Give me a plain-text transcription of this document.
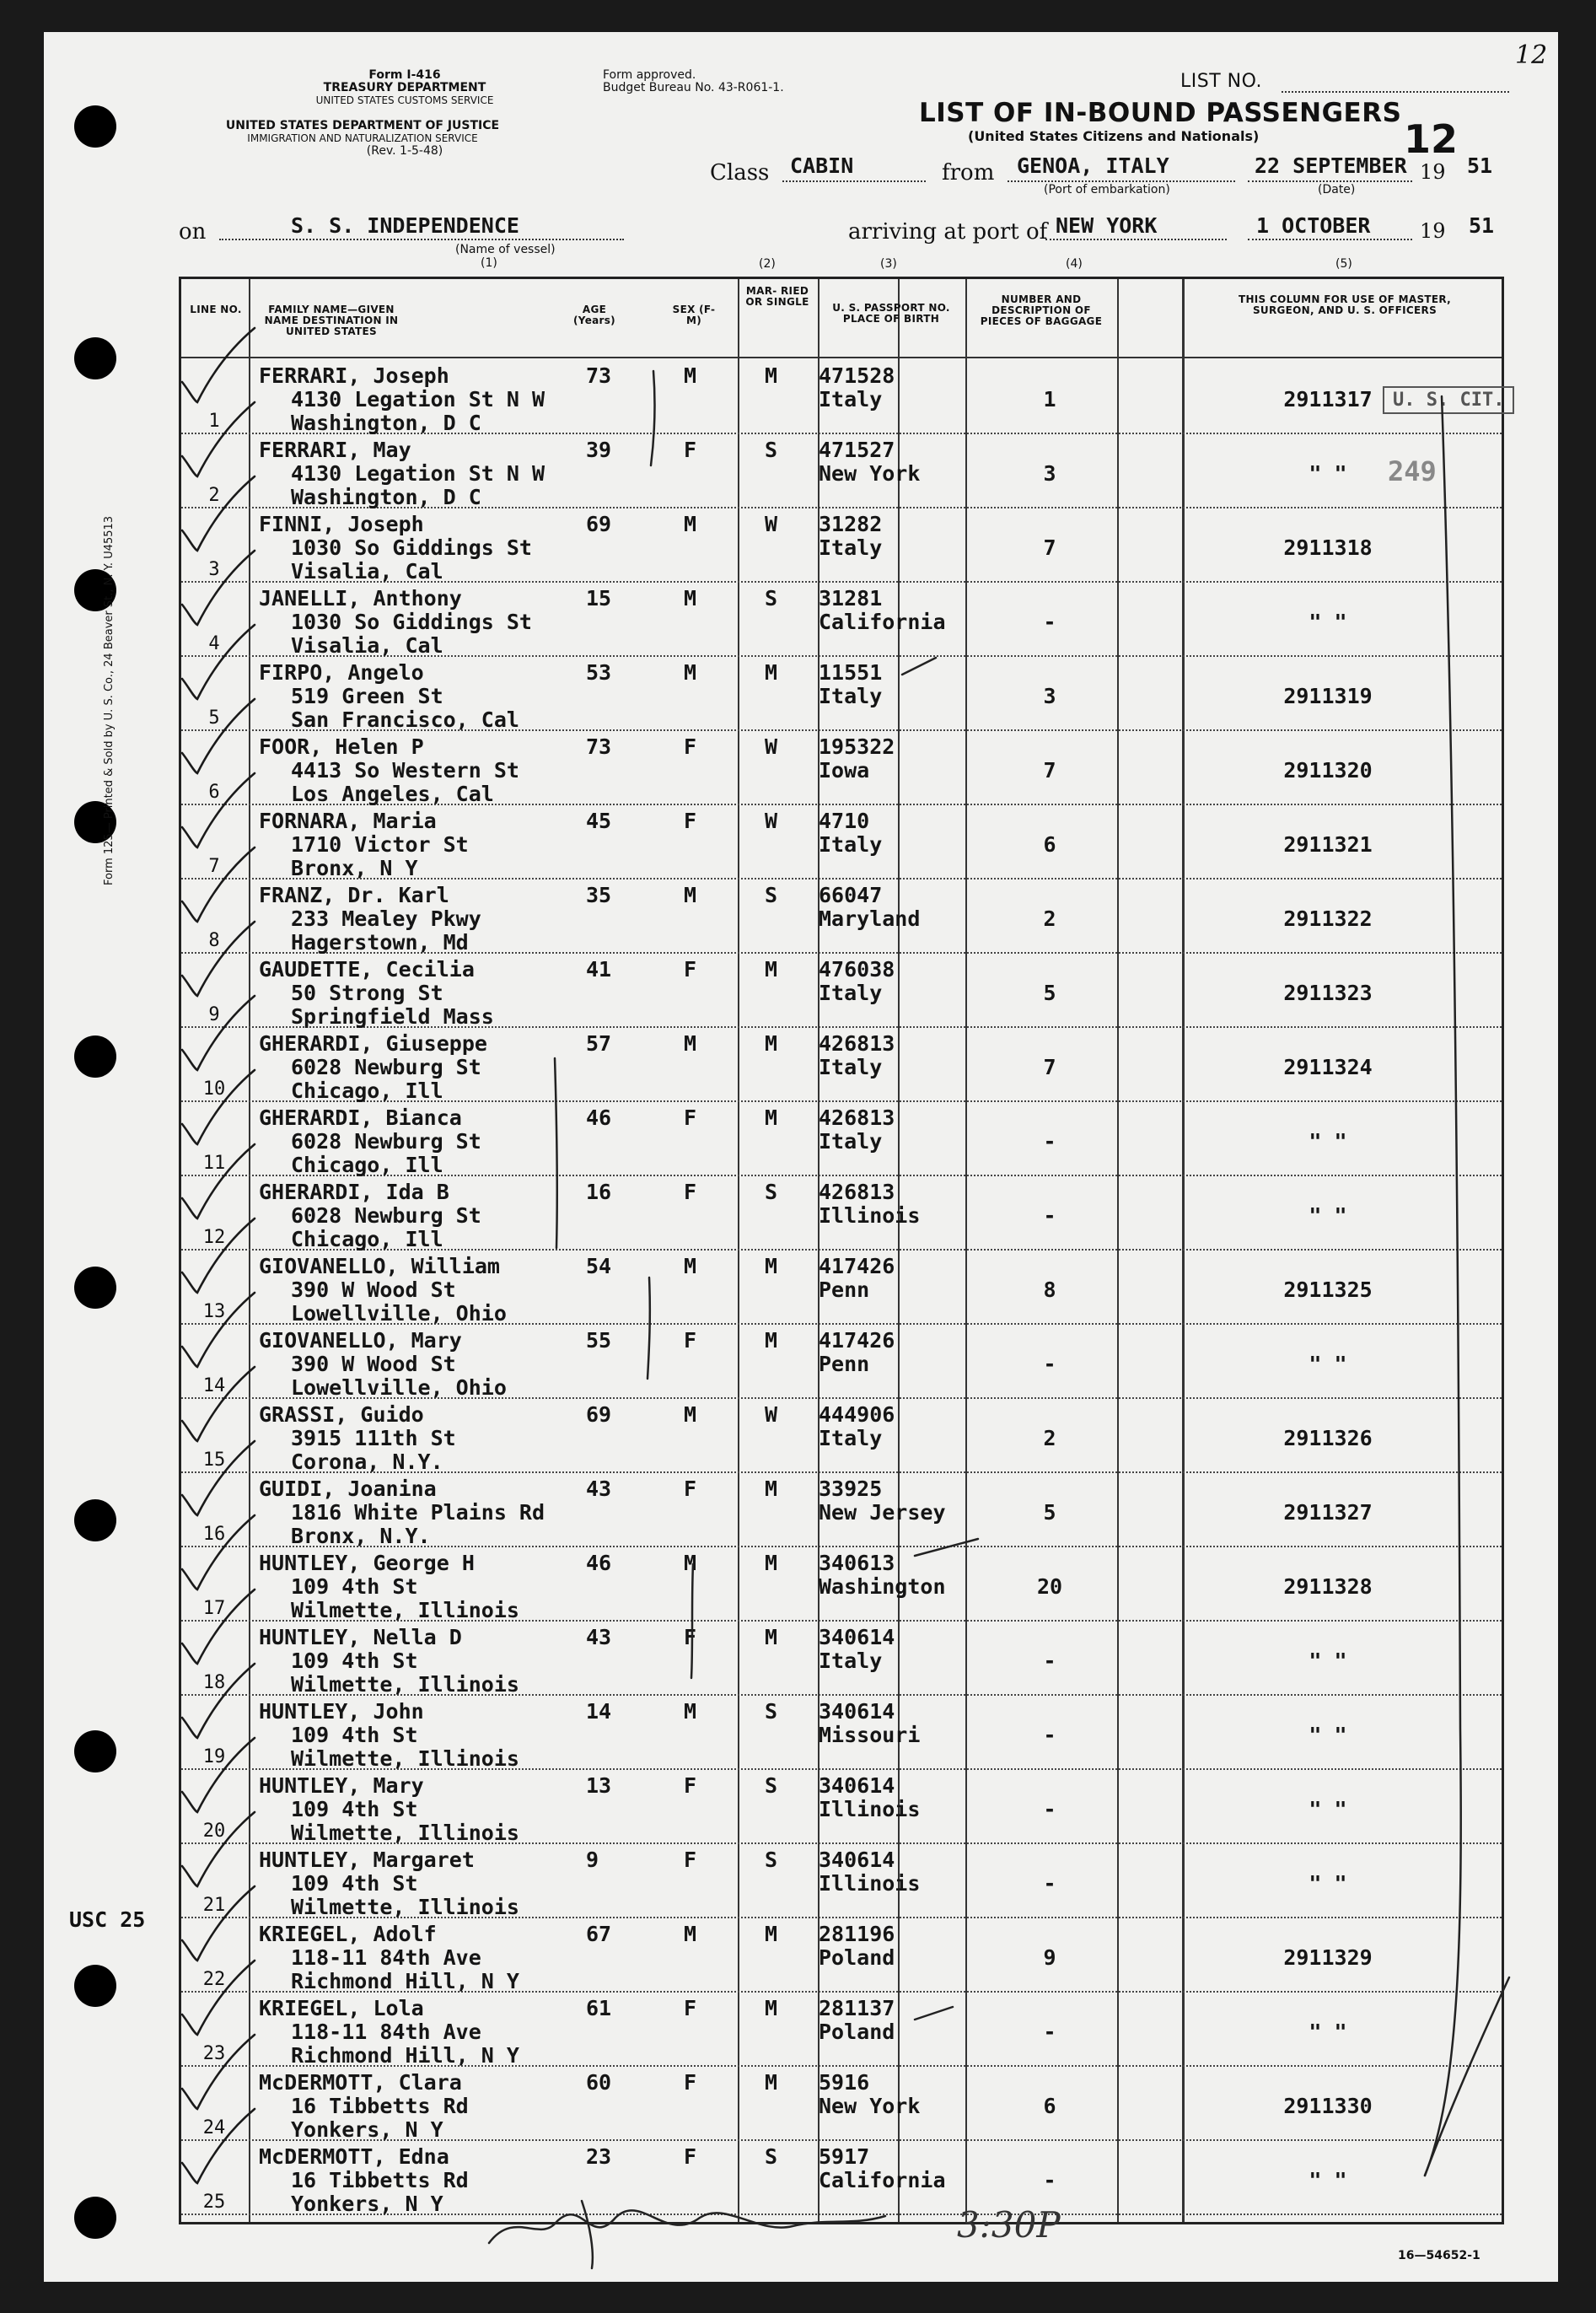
12
Form I-416
TREASURY DEPARTMENT
UNITED STATES CUSTOMS SERVICE
UNITED STATES DEPARTMENT OF JUSTICE
IMMIGRATION AND NATURALIZATION SERVICE
(Rev. 1-5-48)
Form approved.
Budget Bureau No. 43-R061-1.	LIST NO.
LIST OF IN-BOUND PASSENGERS
(United States Citizens and Nationals)	12
Class CABIN	from GENOA, ITALY
(Port of embarkation)
22 SEPTEMBER
(Date)
19 51
on	S. S. INDEPENDENCE
(Name of vessel)
(1)
arriving at port of NEW YORK	1 OCTOBER 19 51
(2)	(3)	(4)	(5)
Form 125— Printed & Sold by U. S. Co., 24 Beaver St., N. Y. U45513
LINE NO.	FAMILY NAME—GIVEN NAME DESTINATION IN UNITED STATES
AGE (Years)
SEX (F-M)
MAR- RIED OR SINGLE	U. S. PASSPORT NO. PLACE OF BIRTH
NUMBER AND DESCRIPTION OF PIECES OF BAGGAGE
THIS COLUMN FOR USE OF MASTER, SURGEON, AND U. S. OFFICERS
1
FERRARI, Joseph
4130 Legation St N W
Washington, D C
73	M	M 471528
Italy	1	2911317
2
FERRARI, May
4130 Legation St N W
Washington, D C
39	F	S 471527
New York	3	" "
3
FINNI, Joseph
1030 So Giddings St
Visalia, Cal
69	M	W 31282
Italy	7	2911318
4
JANELLI, Anthony
1030 So Giddings St
Visalia, Cal
15	M	S 31281
California	-	" "
5
FIRPO, Angelo
519 Green St
San Francisco, Cal
53	M	M 11551
Italy	3	2911319
6
FOOR, Helen P
4413 So Western St
Los Angeles, Cal
73	F	W 195322
Iowa	7	2911320
7
FORNARA, Maria
1710 Victor St
Bronx, N Y
45	F	W 4710
Italy	6	2911321
8
FRANZ, Dr. Karl
233 Mealey Pkwy
Hagerstown, Md
35	M	S 66047
Maryland	2	2911322
9
GAUDETTE, Cecilia
50 Strong St
Springfield Mass
41	F	M 476038
Italy	5	2911323
10
GHERARDI, Giuseppe
6028 Newburg St
Chicago, Ill
57	M	M 426813
Italy	7	2911324
11
GHERARDI, Bianca
6028 Newburg St
Chicago, Ill
46	F	M 426813
Italy	-	" "
12
GHERARDI, Ida B
6028 Newburg St
Chicago, Ill
16	F	S 426813
Illinois	-	" "
13
GIOVANELLO, William
390 W Wood St
Lowellville, Ohio
54	M	M 417426
Penn	8	2911325
14
GIOVANELLO, Mary
390 W Wood St
Lowellville, Ohio
55	F	M 417426
Penn	-	" "
15
GRASSI, Guido
3915 111th St
Corona, N.Y.
69	M	W 444906
Italy	2	2911326
16
GUIDI, Joanina
1816 White Plains Rd
Bronx, N.Y.
43	F	M 33925
New Jersey	5	2911327
17
HUNTLEY, George H
109 4th St
Wilmette, Illinois
46	M	M 340613
Washington	20	2911328
18
HUNTLEY, Nella D
109 4th St
Wilmette, Illinois
43	F	M 340614
Italy	-	" "
19
HUNTLEY, John
109 4th St
Wilmette, Illinois
14	M	S 340614
Missouri	-	" "
20
HUNTLEY, Mary
109 4th St
Wilmette, Illinois
13	F	S 340614
Illinois	-	" "
21
HUNTLEY, Margaret
109 4th St
Wilmette, Illinois
9	F	S 340614
Illinois	-	" "
22
KRIEGEL, Adolf
118-11 84th Ave
Richmond Hill, N Y
67	M	M 281196
Poland	9	2911329
23
KRIEGEL, Lola
118-11 84th Ave
Richmond Hill, N Y
61	F	M 281137
Poland	-	" "
24
McDERMOTT, Clara
16 Tibbetts Rd
Yonkers, N Y
60	F	M 5916
New York	6	2911330
25
McDERMOTT, Edna
16 Tibbetts Rd
Yonkers, N Y
23	F	S 5917
California	-	" "
U. S. CIT.
249
USC 25
3:30P
16—54652-1
